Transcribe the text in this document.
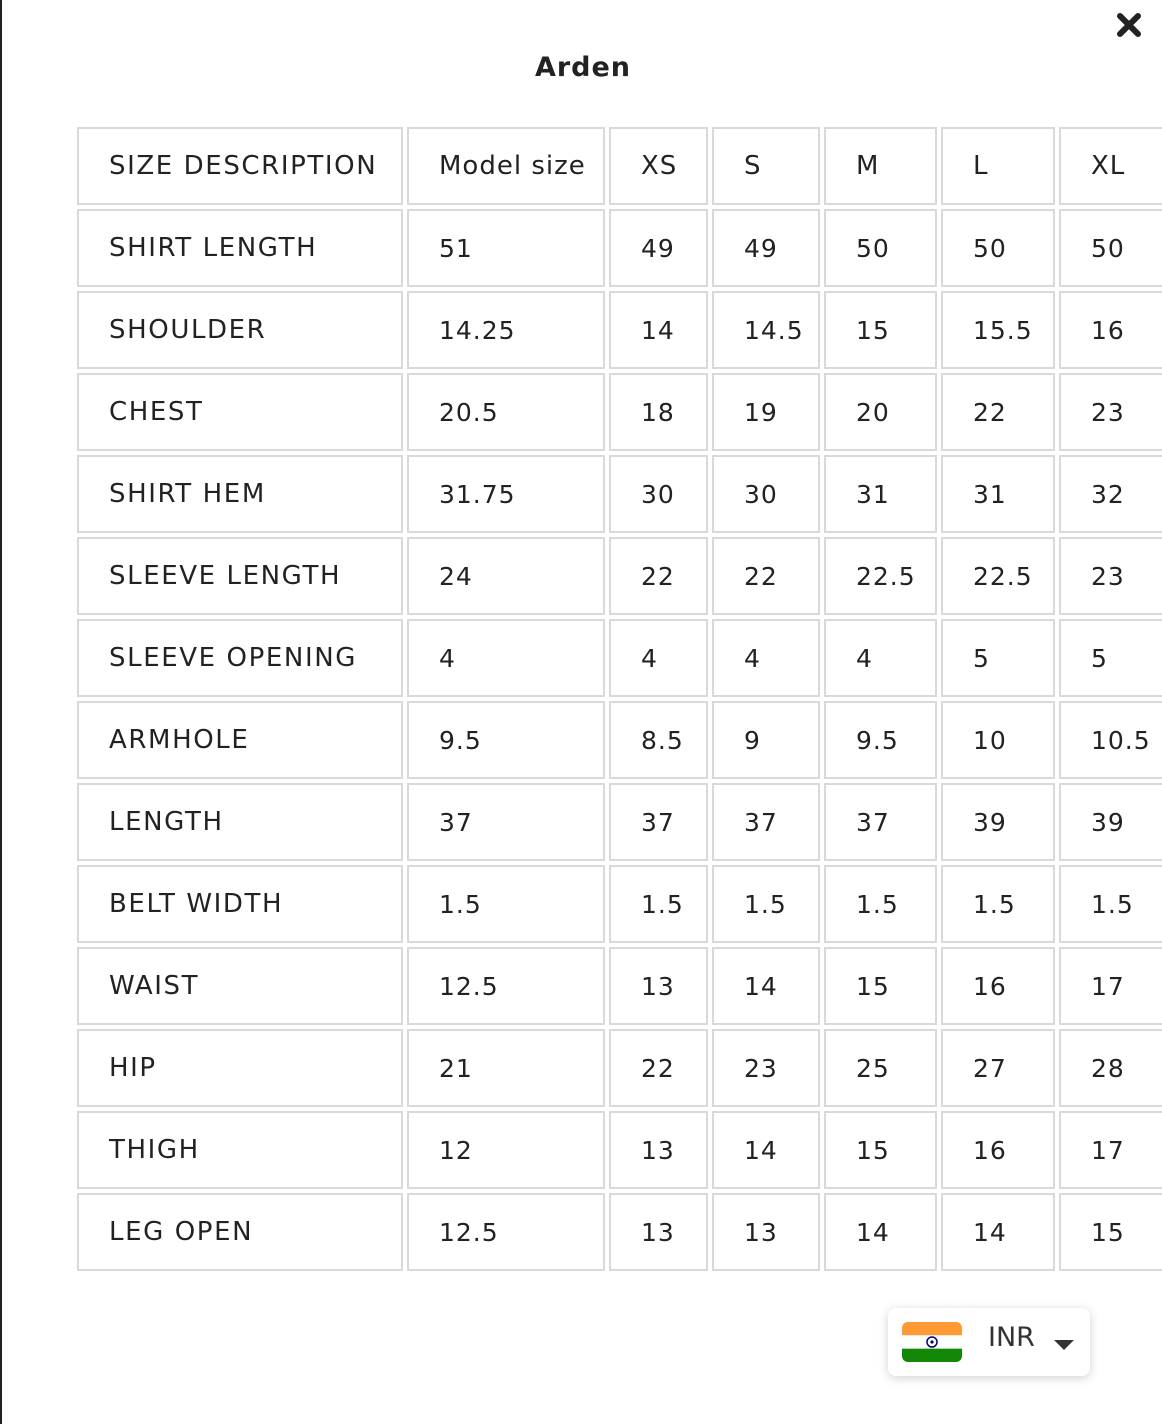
Arden
SIZE DESCRIPTION	Model size	XS	S	M	L	XL
SHIRT LENGTH	51	49	49	50	50	50
SHOULDER	14.25	14	14.5	15	15.5	16
CHEST	20.5	18	19	20	22	23
SHIRT HEM	31.75	30	30	31	31	32
SLEEVE LENGTH	24	22	22	22.5	22.5	23
SLEEVE OPENING	4	4	4	4	5	5
ARMHOLE	9.5	8.5	9	9.5	10	10.5
LENGTH	37	37	37	37	39	39
BELT WIDTH	1.5	1.5	1.5	1.5	1.5	1.5
WAIST	12.5	13	14	15	16	17
HIP	21	22	23	25	27	28
THIGH	12	13	14	15	16	17
LEG OPEN	12.5	13	13	14	14	15
INR
